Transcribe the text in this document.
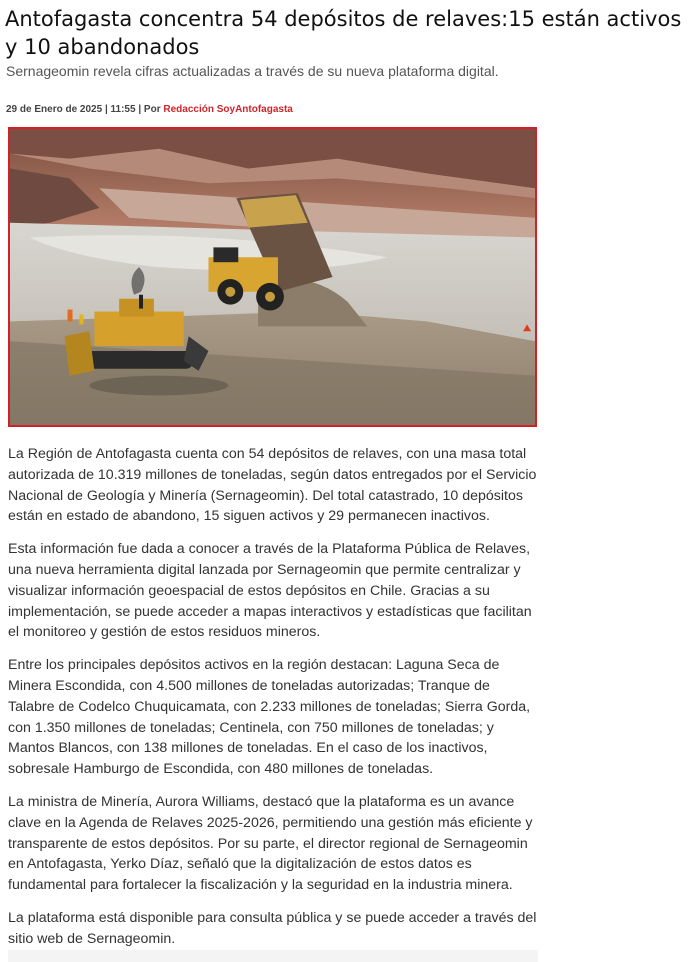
Antofagasta concentra 54 depósitos de relaves:15 están activos y 10 abandonados
Sernageomin revela cifras actualizadas a través de su nueva plataforma digital.
29 de Enero de 2025 | 11:55 | Por Redacción SoyAntofagasta

La Región de Antofagasta cuenta con 54 depósitos de relaves, con una masa total autorizada de 10.319 millones de toneladas, según datos entregados por el Servicio Nacional de Geología y Minería (Sernageomin). Del total catastrado, 10 depósitos están en estado de abandono, 15 siguen activos y 29 permanecen inactivos.

Esta información fue dada a conocer a través de la Plataforma Pública de Relaves, una nueva herramienta digital lanzada por Sernageomin que permite centralizar y visualizar información geoespacial de estos depósitos en Chile. Gracias a su implementación, se puede acceder a mapas interactivos y estadísticas que facilitan el monitoreo y gestión de estos residuos mineros.

Entre los principales depósitos activos en la región destacan: Laguna Seca de Minera Escondida, con 4.500 millones de toneladas autorizadas; Tranque de Talabre de Codelco Chuquicamata, con 2.233 millones de toneladas; Sierra Gorda, con 1.350 millones de toneladas; Centinela, con 750 millones de toneladas; y Mantos Blancos, con 138 millones de toneladas. En el caso de los inactivos, sobresale Hamburgo de Escondida, con 480 millones de toneladas.

La ministra de Minería, Aurora Williams, destacó que la plataforma es un avance clave en la Agenda de Relaves 2025-2026, permitiendo una gestión más eficiente y transparente de estos depósitos. Por su parte, el director regional de Sernageomin en Antofagasta, Yerko Díaz, señaló que la digitalización de estos datos es fundamental para fortalecer la fiscalización y la seguridad en la industria minera.

La plataforma está disponible para consulta pública y se puede acceder a través del sitio web de Sernageomin.
